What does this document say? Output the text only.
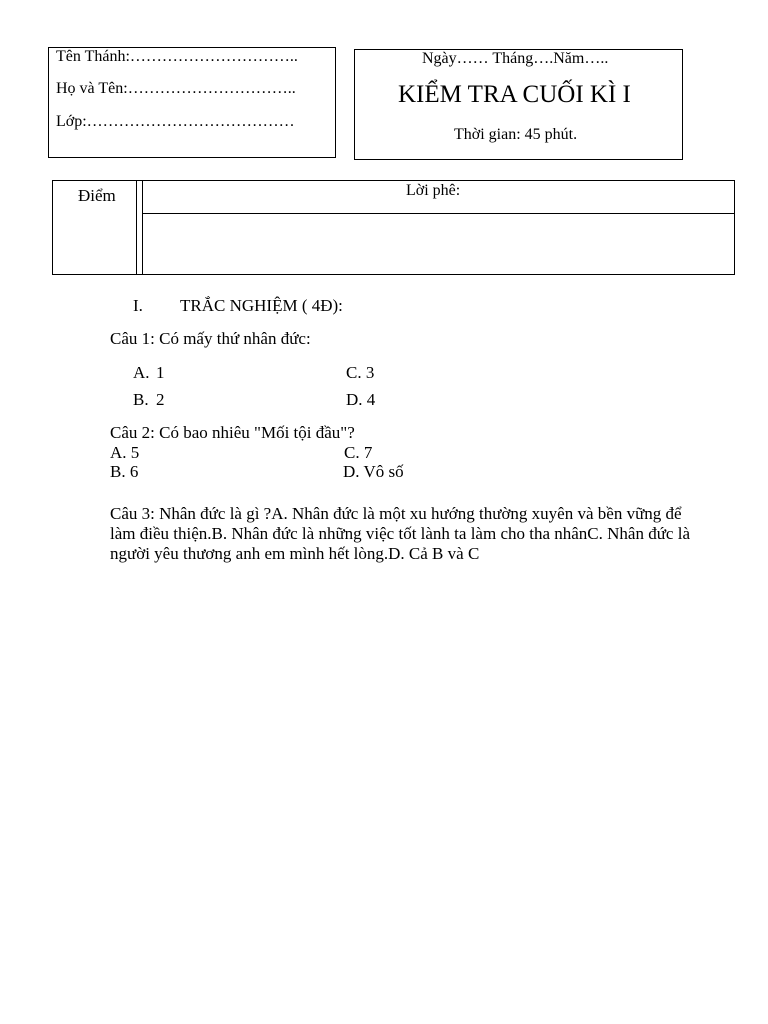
Tên Thánh:…………………………..
Họ và Tên:…………………………..
Lớp:…………………………………
Ngày…… Tháng….Năm…..
KIỂM TRA CUỐI KÌ I
Thời gian: 45 phút.
Điểm	Lời phê:
I. TRẮC NGHIỆM ( 4Đ):
Câu 1: Có mấy thứ nhân đức:
A. 1	C. 3
B. 2	D. 4
Câu 2: Có bao nhiêu "Mối tội đầu"?
A. 5	C. 7
B. 6	D. Vô số
Câu 3: Nhân đức là gì ?A. Nhân đức là một xu hướng thường xuyên và bền vững để làm điều thiện.B. Nhân đức là những việc tốt lành ta làm cho tha nhânC. Nhân đức là người yêu thương anh em mình hết lòng.D. Cả B và C
